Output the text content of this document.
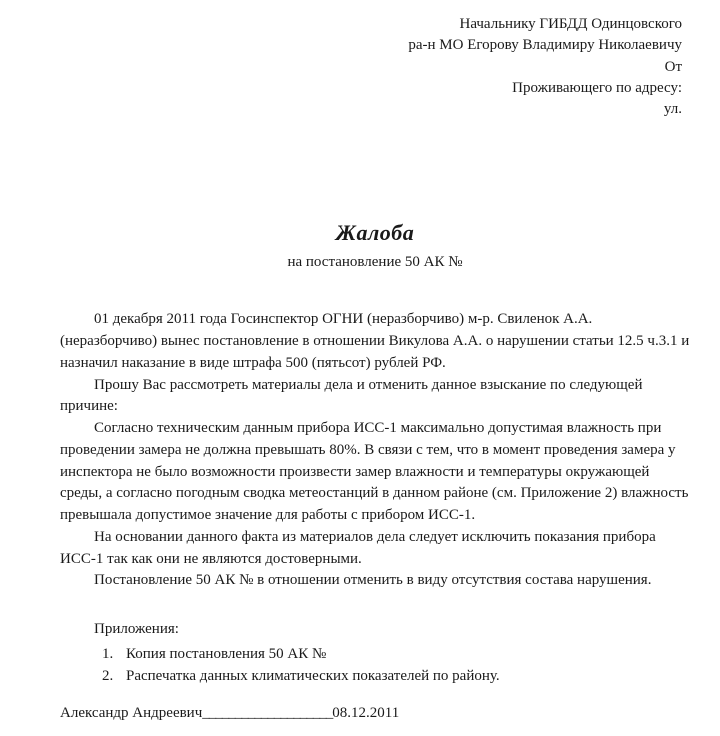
Начальнику ГИБДД Одинцовского
ра-н МО Егорову Владимиру Николаевичу
От
Проживающего по адресу:
ул.
Жалоба
на постановление 50 АК №

01 декабря 2011 года Госинспектор ОГНИ (неразборчиво) м-р. Свиленок А.А. (неразборчиво) вынес постановление в отношении Викулова А.А. о нарушении статьи 12.5 ч.3.1 и назначил наказание в виде штрафа 500 (пятьсот) рублей РФ.

Прошу Вас рассмотреть материалы дела и отменить данное взыскание по следующей причине:

Согласно техническим данным прибора ИСС-1 максимально допустимая влажность при проведении замера не должна превышать 80%. В связи с тем, что в момент проведения замера у инспектора не было возможности произвести замер влажности и температуры окружающей среды, а согласно погодным сводка метеостанций в данном районе (см. Приложение 2) влажность превышала допустимое значение для работы с прибором ИСС-1.

На основании данного факта из материалов дела следует исключить показания прибора ИСС-1 так как они не являются достоверными.

Постановление 50 АК № в отношении отменить в виду отсутствия состава нарушения.

Приложения:

1. Копия постановления 50 АК №
2. Распечатка данных климатических показателей по району.
Александр Андреевич____________________08.12.2011
